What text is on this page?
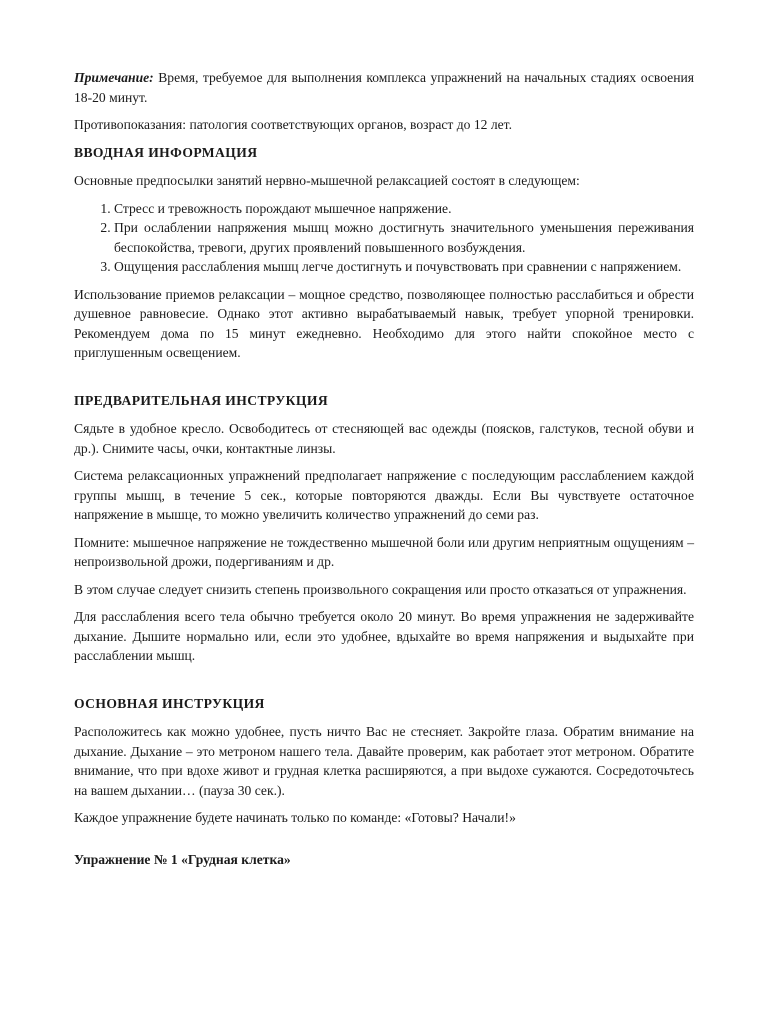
Примечание: Время, требуемое для выполнения комплекса упражнений на начальных стадиях освоения 18-20 минут.

Противопоказания: патология соответствующих органов, возраст до 12 лет.

ВВОДНАЯ ИНФОРМАЦИЯ

Основные предпосылки занятий нервно-мышечной релаксацией состоят в следующем:

1. Стресс и тревожность порождают мышечное напряжение.
2. При ослаблении напряжения мышц можно достигнуть значительного уменьшения переживания беспокойства, тревоги, других проявлений повышенного возбуждения.
3. Ощущения расслабления мышц легче достигнуть и почувствовать при сравнении с напряжением.

Использование приемов релаксации – мощное средство, позволяющее полностью расслабиться и обрести душевное равновесие. Однако этот активно вырабатываемый навык, требует упорной тренировки. Рекомендуем дома по 15 минут ежедневно. Необходимо для этого найти спокойное место с приглушенным освещением.

ПРЕДВАРИТЕЛЬНАЯ ИНСТРУКЦИЯ

Сядьте в удобное кресло. Освободитесь от стесняющей вас одежды (поясков, галстуков, тесной обуви и др.). Снимите часы, очки, контактные линзы.

Система релаксационных упражнений предполагает напряжение с последующим расслаблением каждой группы мышц, в течение 5 сек., которые повторяются дважды. Если Вы чувствуете остаточное напряжение в мышце, то можно увеличить количество упражнений до семи раз.

Помните: мышечное напряжение не тождественно мышечной боли или другим неприятным ощущениям – непроизвольной дрожи, подергиваниям и др.

В этом случае следует снизить степень произвольного сокращения или просто отказаться от упражнения.

Для расслабления всего тела обычно требуется около 20 минут. Во время упражнения не задерживайте дыхание. Дышите нормально или, если это удобнее, вдыхайте во время напряжения и выдыхайте при расслаблении мышц.

ОСНОВНАЯ ИНСТРУКЦИЯ

Расположитесь как можно удобнее, пусть ничто Вас не стесняет. Закройте глаза. Обратим внимание на дыхание. Дыхание – это метроном нашего тела. Давайте проверим, как работает этот метроном. Обратите внимание, что при вдохе живот и грудная клетка расширяются, а при выдохе сужаются. Сосредоточьтесь на вашем дыхании… (пауза 30 сек.).

Каждое упражнение будете начинать только по команде: «Готовы? Начали!»

Упражнение № 1 «Грудная клетка»
